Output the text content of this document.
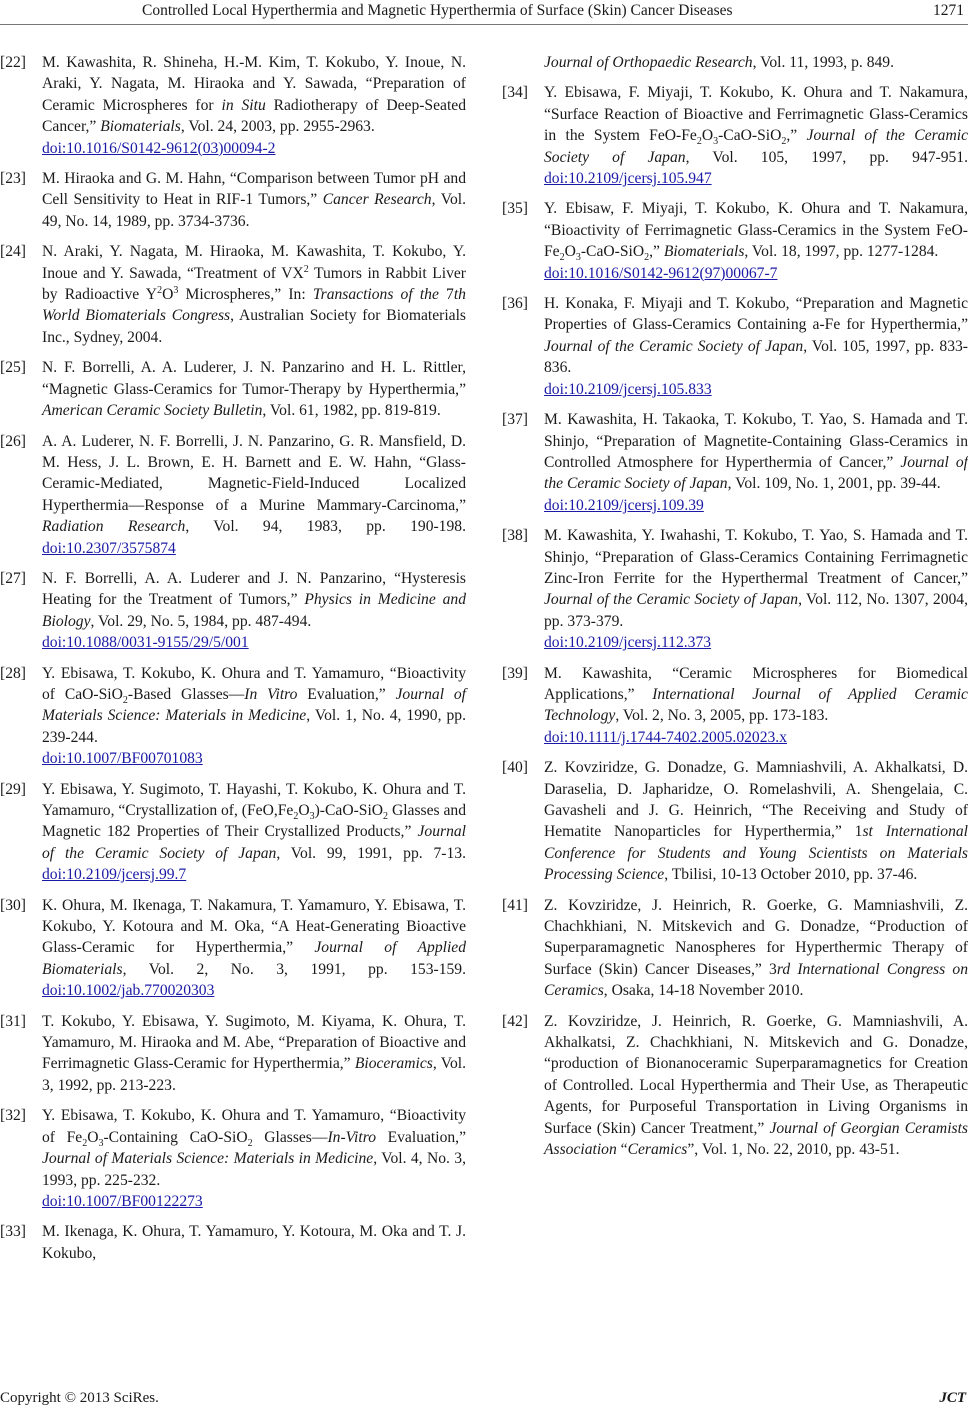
Controlled Local Hyperthermia and Magnetic Hyperthermia of Surface (Skin) Cancer Diseases	1271
[22] M. Kawashita, R. Shineha, H.-M. Kim, T. Kokubo, Y. Inoue, N. Araki, Y. Nagata, M. Hiraoka and Y. Sawada, “Preparation of Ceramic Microspheres for in Situ Radiotherapy of Deep-Seated Cancer,” Biomaterials, Vol. 24, 2003, pp. 2955-2963.
doi:10.1016/S0142-9612(03)00094-2
[23] M. Hiraoka and G. M. Hahn, “Comparison between Tumor pH and Cell Sensitivity to Heat in RIF-1 Tumors,” Cancer Research, Vol. 49, No. 14, 1989, pp. 3734-3736.
[24] N. Araki, Y. Nagata, M. Hiraoka, M. Kawashita, T. Kokubo, Y. Inoue and Y. Sawada, “Treatment of $VX^2$ Tumors in Rabbit Liver by Radioactive $Y^2O^3$ Microspheres,” In: Transactions of the 7th World Biomaterials Congress, Australian Society for Biomaterials Inc., Sydney, 2004.
[25] N. F. Borrelli, A. A. Luderer, J. N. Panzarino and H. L. Rittler, “Magnetic Glass-Ceramics for Tumor-Therapy by Hyperthermia,” American Ceramic Society Bulletin, Vol. 61, 1982, pp. 819-819.
[26] A. A. Luderer, N. F. Borrelli, J. N. Panzarino, G. R. Mansfield, D. M. Hess, J. L. Brown, E. H. Barnett and E. W. Hahn, “Glass-Ceramic-Mediated, Magnetic-Field-Induced Localized Hyperthermia—Response of a Murine Mammary-Carcinoma,” Radiation Research, Vol. 94, 1983, pp. 190-198. doi:10.2307/3575874
[27] N. F. Borrelli, A. A. Luderer and J. N. Panzarino, “Hysteresis Heating for the Treatment of Tumors,” Physics in Medicine and Biology, Vol. 29, No. 5, 1984, pp. 487-494.
doi:10.1088/0031-9155/29/5/001
[28] Y. Ebisawa, T. Kokubo, K. Ohura and T. Yamamuro, “Bioactivity of CaO-SiO$_2$-Based Glasses—In Vitro Evaluation,” Journal of Materials Science: Materials in Medicine, Vol. 1, No. 4, 1990, pp. 239-244.
doi:10.1007/BF00701083
[29] Y. Ebisawa, Y. Sugimoto, T. Hayashi, T. Kokubo, K. Ohura and T. Yamamuro, “Crystallization of, $(FeO,Fe_2O_3)-CaO-SiO_2$ Glasses and Magnetic 182 Properties of Their Crystallized Products,” Journal of the Ceramic Society of Japan, Vol. 99, 1991, pp. 7-13. doi:10.2109/jcersj.99.7
[30] K. Ohura, M. Ikenaga, T. Nakamura, T. Yamamuro, Y. Ebisawa, T. Kokubo, Y. Kotoura and M. Oka, “A Heat-Generating Bioactive Glass-Ceramic for Hyperthermia,” Journal of Applied Biomaterials, Vol. 2, No. 3, 1991, pp. 153-159. doi:10.1002/jab.770020303
[31] T. Kokubo, Y. Ebisawa, Y. Sugimoto, M. Kiyama, K. Ohura, T. Yamamuro, M. Hiraoka and M. Abe, “Preparation of Bioactive and Ferrimagnetic Glass-Ceramic for Hyperthermia,” Bioceramics, Vol. 3, 1992, pp. 213-223.
[32] Y. Ebisawa, T. Kokubo, K. Ohura and T. Yamamuro, “Bioactivity of $Fe_2O_3$-Containing CaO-SiO$_2$ Glasses—In-Vitro Evaluation,” Journal of Materials Science: Materials in Medicine, Vol. 4, No. 3, 1993, pp. 225-232.
doi:10.1007/BF00122273
[33] M. Ikenaga, K. Ohura, T. Yamamuro, Y. Kotoura, M. Oka and T. J. Kokubo,
Journal of Orthopaedic Research, Vol. 11, 1993, p. 849.
[34] Y. Ebisawa, F. Miyaji, T. Kokubo, K. Ohura and T. Nakamura, “Surface Reaction of Bioactive and Ferrimagnetic Glass-Ceramics in the System FeO-$Fe_2O_3-CaO-SiO_2$,” Journal of the Ceramic Society of Japan, Vol. 105, 1997, pp. 947-951. doi:10.2109/jcersj.105.947
[35] Y. Ebisaw, F. Miyaji, T. Kokubo, K. Ohura and T. Nakamura, “Bioactivity of Ferrimagnetic Glass-Ceramics in the System FeO-$Fe_2O_3-CaO-SiO_2$,” Biomaterials, Vol. 18, 1997, pp. 1277-1284.
doi:10.1016/S0142-9612(97)00067-7
[36] H. Konaka, F. Miyaji and T. Kokubo, “Preparation and Magnetic Properties of Glass-Ceramics Containing a-Fe for Hyperthermia,” Journal of the Ceramic Society of Japan, Vol. 105, 1997, pp. 833-836.
doi:10.2109/jcersj.105.833
[37] M. Kawashita, H. Takaoka, T. Kokubo, T. Yao, S. Hamada and T. Shinjo, “Preparation of Magnetite-Containing Glass-Ceramics in Controlled Atmosphere for Hyperthermia of Cancer,” Journal of the Ceramic Society of Japan, Vol. 109, No. 1, 2001, pp. 39-44.
doi:10.2109/jcersj.109.39
[38] M. Kawashita, Y. Iwahashi, T. Kokubo, T. Yao, S. Hamada and T. Shinjo, “Preparation of Glass-Ceramics Containing Ferrimagnetic Zinc-Iron Ferrite for the Hyperthermal Treatment of Cancer,” Journal of the Ceramic Society of Japan, Vol. 112, No. 1307, 2004, pp. 373-379.
doi:10.2109/jcersj.112.373
[39] M. Kawashita, “Ceramic Microspheres for Biomedical Applications,” International Journal of Applied Ceramic Technology, Vol. 2, No. 3, 2005, pp. 173-183.
doi:10.1111/j.1744-7402.2005.02023.x
[40] Z. Kovziridze, G. Donadze, G. Mamniashvili, A. Akhalkatsi, D. Daraselia, D. Japharidze, O. Romelashvili, A. Shengelaia, C. Gavasheli and J. G. Heinrich, “The Receiving and Study of Hematite Nanoparticles for Hyperthermia,” 1st International Conference for Students and Young Scientists on Materials Processing Science, Tbilisi, 10-13 October 2010, pp. 37-46.
[41] Z. Kovziridze, J. Heinrich, R. Goerke, G. Mamniashvili, Z. Chachkhiani, N. Mitskevich and G. Donadze, “Production of Superparamagnetic Nanospheres for Hyperthermic Therapy of Surface (Skin) Cancer Diseases,” 3rd International Congress on Ceramics, Osaka, 14-18 November 2010.
[42] Z. Kovziridze, J. Heinrich, R. Goerke, G. Mamniashvili, A. Akhalkatsi, Z. Chachkhiani, N. Mitskevich and G. Donadze, “production of Bionanoceramic Superparamagnetics for Creation of Controlled. Local Hyperthermia and Their Use, as Therapeutic Agents, for Purposeful Transportation in Living Organisms in Surface (Skin) Cancer Treatment,” Journal of Georgian Ceramists Association “Ceramics”, Vol. 1, No. 22, 2010, pp. 43-51.
Copyright © 2013 SciRes.	JCT
